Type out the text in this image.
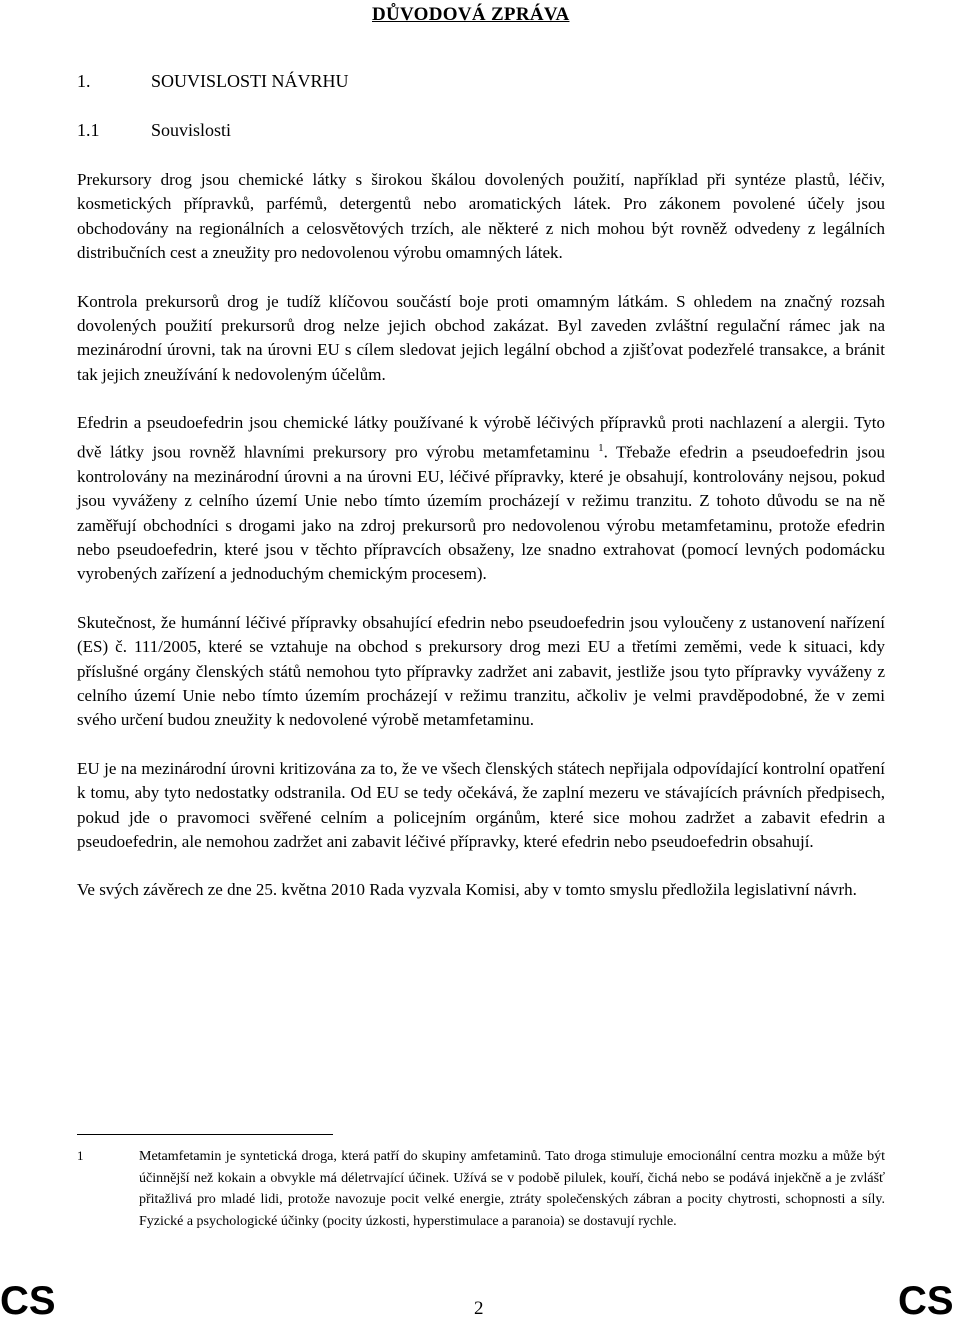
DŮVODOVÁ ZPRÁVA
1.	SOUVISLOSTI NÁVRHU
1.1	Souvislosti

Prekursory drog jsou chemické látky s širokou škálou dovolených použití, například při syntéze plastů, léčiv, kosmetických přípravků, parfémů, detergentů nebo aromatických látek. Pro zákonem povolené účely jsou obchodovány na regionálních a celosvětových trzích, ale některé z nich mohou být rovněž odvedeny z legálních distribučních cest a zneužity pro nedovolenou výrobu omamných látek.

Kontrola prekursorů drog je tudíž klíčovou součástí boje proti omamným látkám. S ohledem na značný rozsah dovolených použití prekursorů drog nelze jejich obchod zakázat. Byl zaveden zvláštní regulační rámec jak na mezinárodní úrovni, tak na úrovni EU s cílem sledovat jejich legální obchod a zjišťovat podezřelé transakce, a bránit tak jejich zneužívání k nedovoleným účelům.

Efedrin a pseudoefedrin jsou chemické látky používané k výrobě léčivých přípravků proti nachlazení a alergii. Tyto dvě látky jsou rovněž hlavními prekursory pro výrobu metamfetaminu $^1$. Třebaže efedrin a pseudoefedrin jsou kontrolovány na mezinárodní úrovni a na úrovni EU, léčivé přípravky, které je obsahují, kontrolovány nejsou, pokud jsou vyváženy z celního území Unie nebo tímto územím procházejí v režimu tranzitu. Z tohoto důvodu se na ně zaměřují obchodníci s drogami jako na zdroj prekursorů pro nedovolenou výrobu metamfetaminu, protože efedrin nebo pseudoefedrin, které jsou v těchto přípravcích obsaženy, lze snadno extrahovat (pomocí levných podomácku vyrobených zařízení a jednoduchým chemickým procesem).

Skutečnost, že humánní léčivé přípravky obsahující efedrin nebo pseudoefedrin jsou vyloučeny z ustanovení nařízení (ES) č. 111/2005, které se vztahuje na obchod s prekursory drog mezi EU a třetími zeměmi, vede k situaci, kdy příslušné orgány členských států nemohou tyto přípravky zadržet ani zabavit, jestliže jsou tyto přípravky vyváženy z celního území Unie nebo tímto územím procházejí v režimu tranzitu, ačkoliv je velmi pravděpodobné, že v zemi svého určení budou zneužity k nedovolené výrobě metamfetaminu.

EU je na mezinárodní úrovni kritizována za to, že ve všech členských státech nepřijala odpovídající kontrolní opatření k tomu, aby tyto nedostatky odstranila. Od EU se tedy očekává, že zaplní mezeru ve stávajících právních předpisech, pokud jde o pravomoci svěřené celním a policejním orgánům, které sice mohou zadržet a zabavit efedrin a pseudoefedrin, ale nemohou zadržet ani zabavit léčivé přípravky, které efedrin nebo pseudoefedrin obsahují.

Ve svých závěrech ze dne 25. května 2010 Rada vyzvala Komisi, aby v tomto smyslu předložila legislativní návrh.

1	Metamfetamin je syntetická droga, která patří do skupiny amfetaminů. Tato droga stimuluje emocionální centra mozku a může být účinnější než kokain a obvykle má déletrvající účinek. Užívá se v podobě pilulek, kouří, čichá nebo se podává injekčně a je zvlášť přitažlivá pro mladé lidi, protože navozuje pocit velké energie, ztráty společenských zábran a pocity chytrosti, schopnosti a síly. Fyzické a psychologické účinky (pocity úzkosti, hyperstimulace a paranoia) se dostavují rychle.
CS	2	CS
